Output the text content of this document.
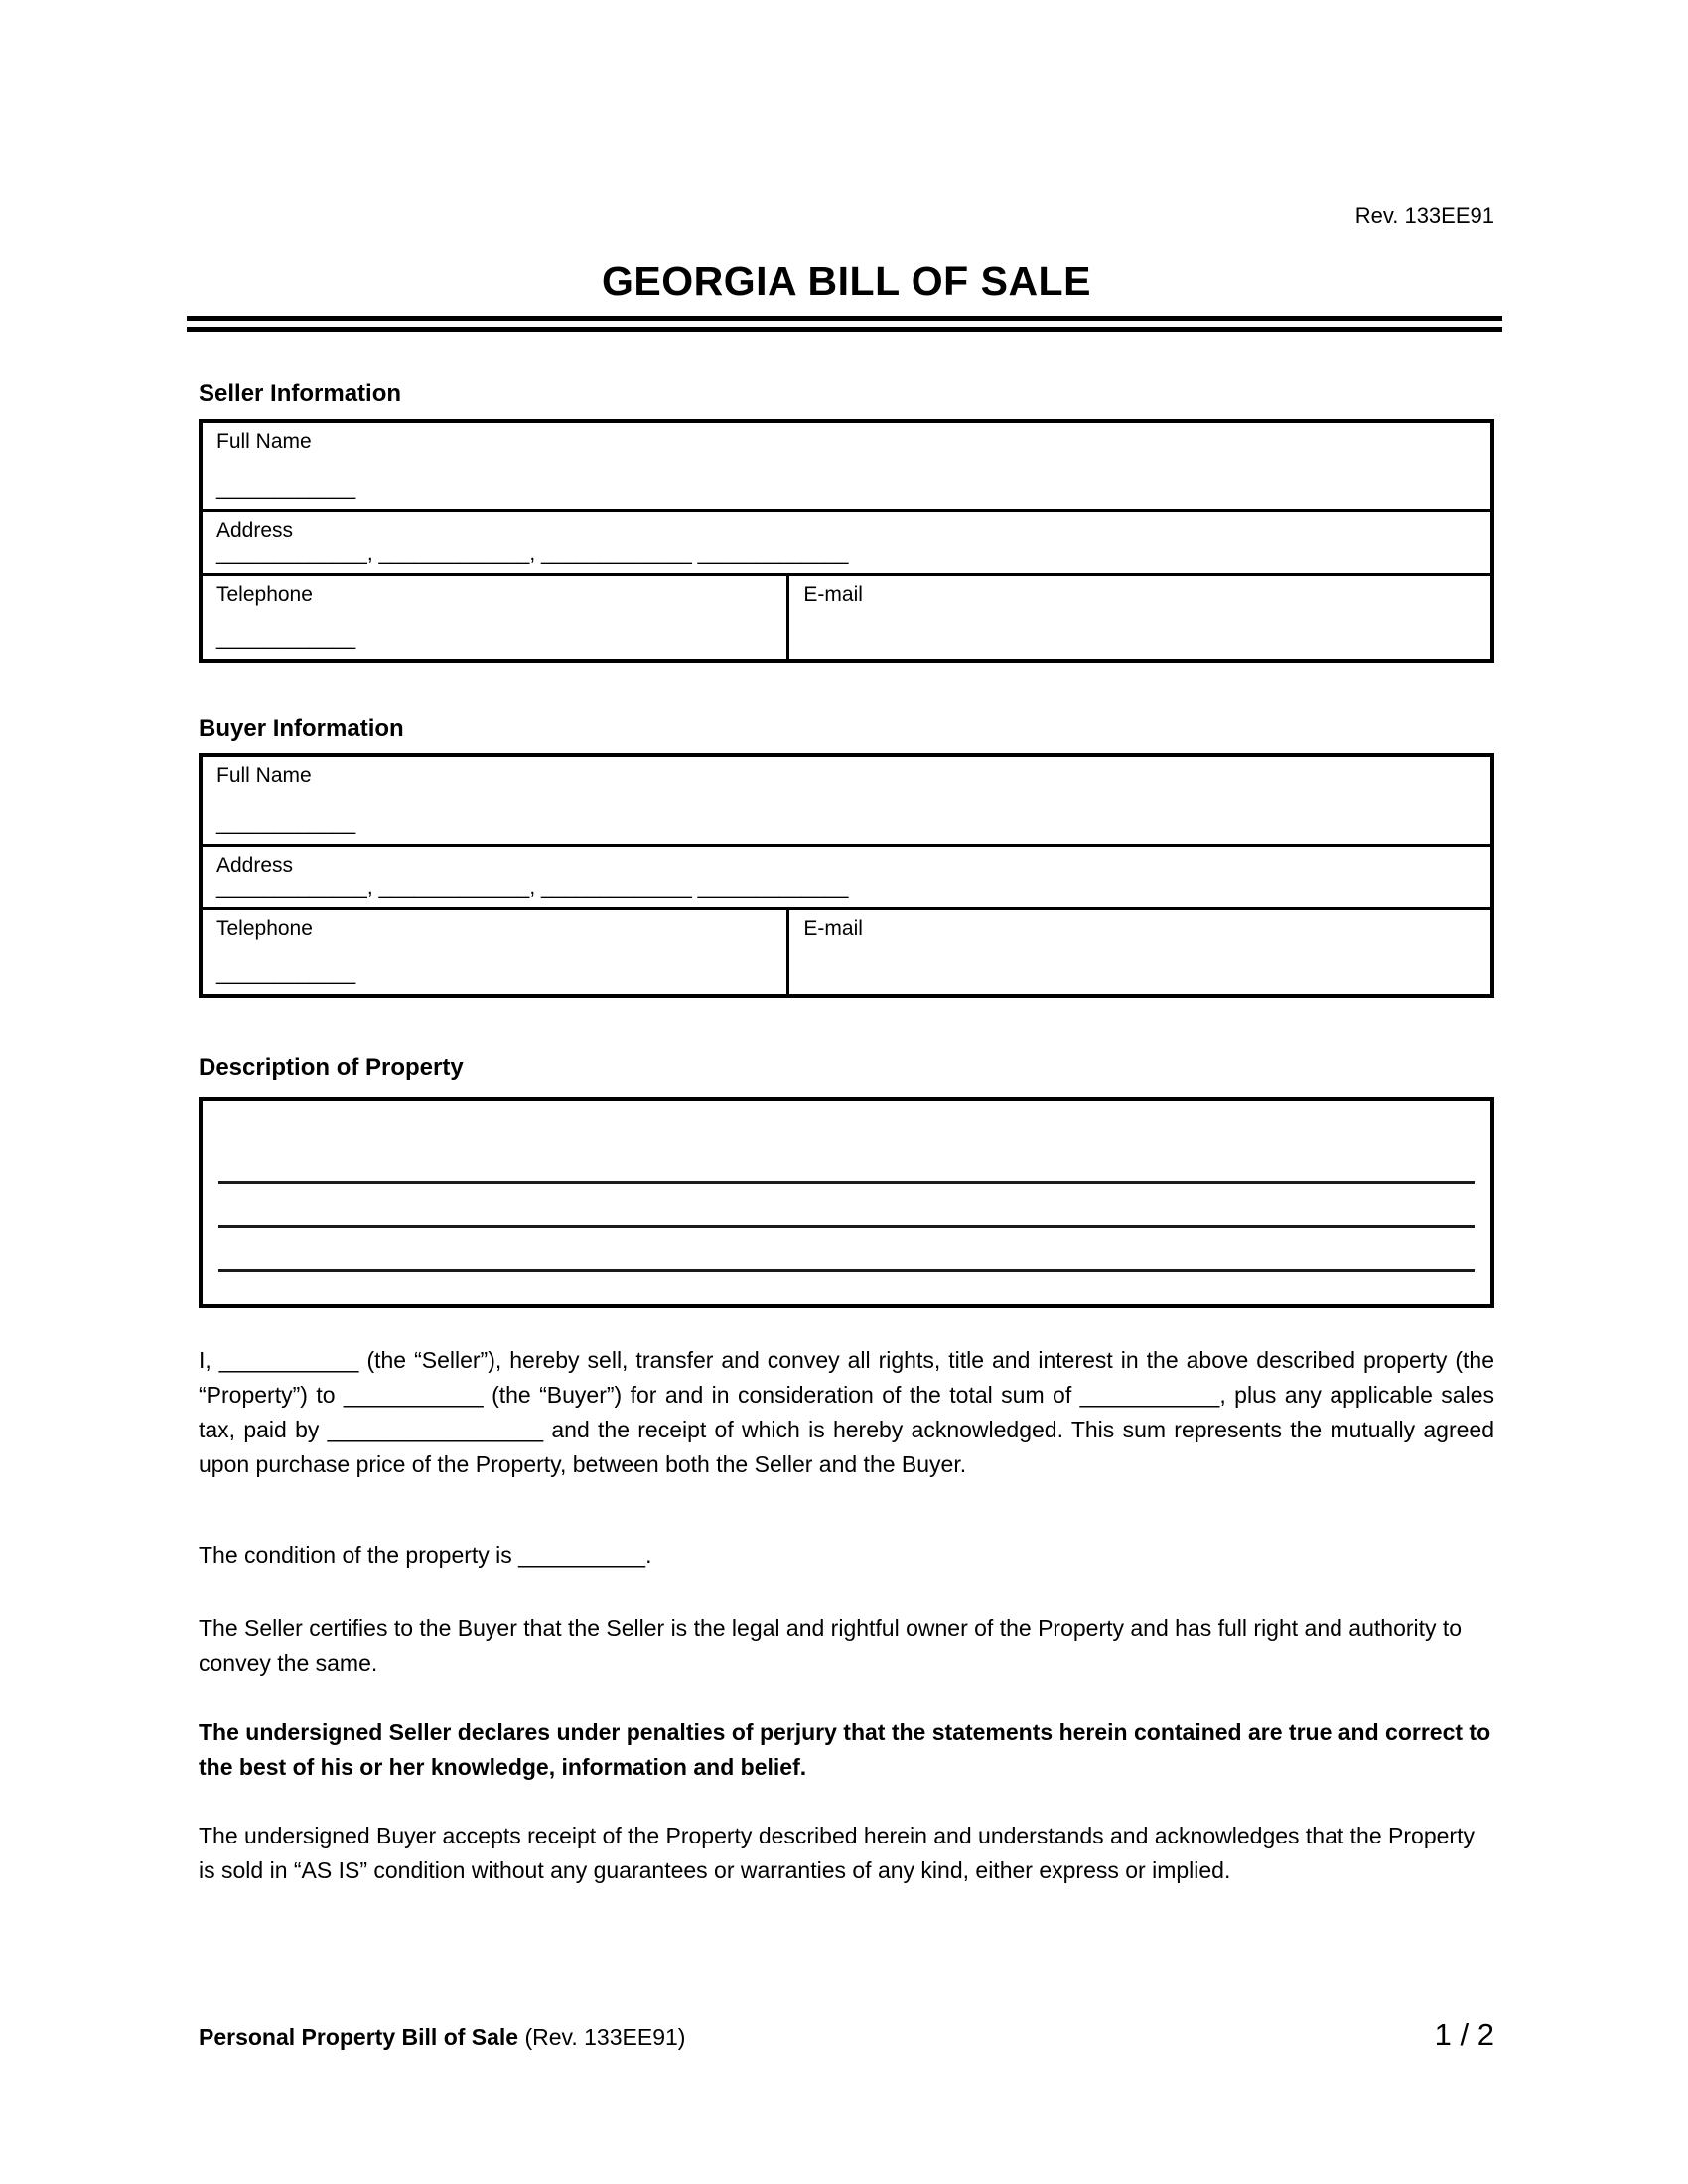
Rev. 133EE91
GEORGIA BILL OF SALE
Seller Information
Full Name
____________
Address
_____________, _____________, _____________ _____________
Telephone
____________
E-mail
Buyer Information
Full Name
____________
Address
_____________, _____________, _____________ _____________
Telephone
____________
E-mail
Description of Property

I, ___________ (the “Seller”), hereby sell, transfer and convey all rights, title and interest in the above described property (the “Property”) to ___________ (the “Buyer”) for and in consideration of the total sum of ___________, plus any applicable sales tax, paid by _________________ and the receipt of which is hereby acknowledged. This sum represents the mutually agreed upon purchase price of the Property, between both the Seller and the Buyer.

The condition of the property is __________.

The Seller certifies to the Buyer that the Seller is the legal and rightful owner of the Property and has full right and authority to convey the same.

The undersigned Seller declares under penalties of perjury that the statements herein contained are true and correct to the best of his or her knowledge, information and belief.

The undersigned Buyer accepts receipt of the Property described herein and understands and acknowledges that the Property is sold in “AS IS” condition without any guarantees or warranties of any kind, either express or implied.

Personal Property Bill of Sale (Rev. 133EE91)	1 / 2
